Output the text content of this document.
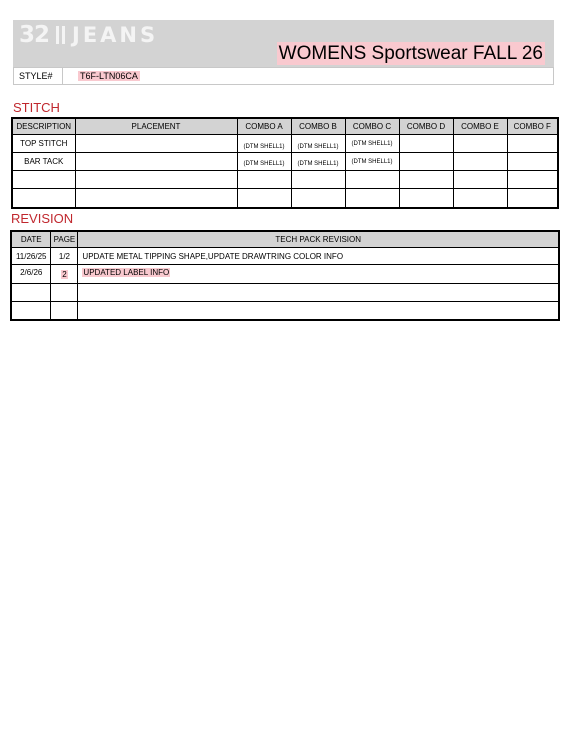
32 JEANS
WOMENS Sportswear FALL 26
STYLE#	T6F-LTN06CA
STITCH
DESCRIPTION	PLACEMENT	COMBO A	COMBO B	COMBO C	COMBO D	COMBO E	COMBO F
TOP STITCH		(DTM SHELL1)	(DTM SHELL1)	(DTM SHELL1)			
BAR TACK		(DTM SHELL1)	(DTM SHELL1)	(DTM SHELL1)			

REVISION
DATE	PAGE	TECH PACK REVISION
11/26/25	1/2	UPDATE METAL TIPPING SHAPE,UPDATE DRAWTRING COLOR INFO
2/6/26	2	UPDATED LABEL INFO
